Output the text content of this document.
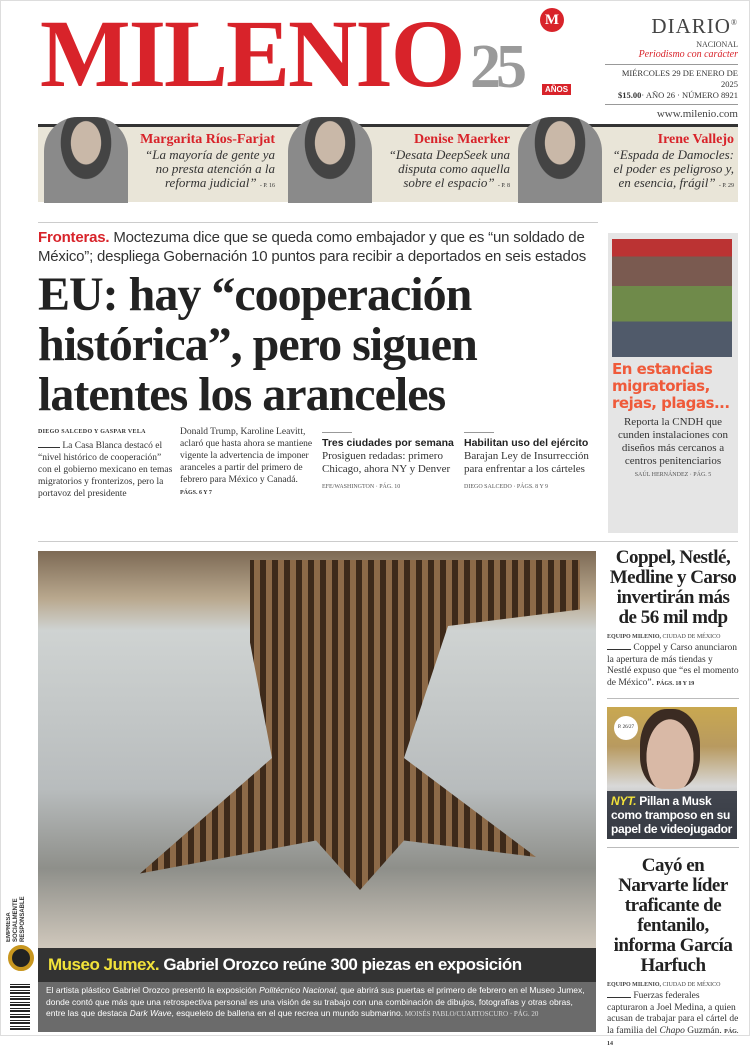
MILENIO 25	AÑOS
M	DIARIO®
NACIONAL
Periodismo con carácter
MIÉRCOLES 29 DE ENERO DE 2025
$15.00· AÑO 26 · NÚMERO 8921
www.milenio.com
Margarita Ríos-Farjat
“La mayoría de gente ya no presta atención a la reforma judicial” - P. 16
Denise Maerker
“Desata DeepSeek una disputa como aquella sobre el espacio” - P. 8
Irene Vallejo
“Espada de Damocles: el poder es peligroso y, en esencia, frágil” - P. 29
Fronteras. Moctezuma dice que se queda como embajador y que es “un soldado de México”; despliega Gobernación 10 puntos para recibir a deportados en seis estados
EU: hay “cooperación histórica”, pero siguen latentes los aranceles
DIEGO SALCEDO Y GASPAR VELA
La Casa Blanca destacó el “nivel histórico de cooperación” con el gobierno mexicano en temas migratorios y fronterizos, pero la portavoz del presidente
Donald Trump, Karoline Leavitt, aclaró que hasta ahora se mantiene vigente la advertencia de imponer aranceles a partir del primero de febrero para México y Canadá. PÁGS. 6 Y 7
Tres ciudades por semana
Prosiguen redadas: primero Chicago, ahora NY y Denver
EFE/WASHINGTON · PÁG. 10
Habilitan uso del ejército
Barajan Ley de Insurrección para enfrentar a los cárteles
DIEGO SALCEDO · PÁGS. 8 Y 9
En estancias migratorias, rejas, plagas...
Reporta la CNDH que cunden instalaciones con diseños más cercanos a centros penitenciarios
SAÚL HERNÁNDEZ · PÁG. 5
Museo Jumex. Gabriel Orozco reúne 300 piezas en exposición
El artista plástico Gabriel Orozco presentó la exposición Politécnico Nacional, que abrirá sus puertas el primero de febrero en el Museo Jumex, donde contó que más que una retrospectiva personal es una visión de su trabajo con una combinación de dibujos, fotografías y otras obras, entre las que destaca Dark Wave, esqueleto de ballena en el que recrea un mundo submarino. MOISÉS PABLO/CUARTOSCURO · PÁG. 20
EMPRESA SOCIALMENTE RESPONSABLE
Coppel, Nestlé, Medline y Carso invertirán más de 56 mil mdp
EQUIPO MILENIO, CIUDAD DE MÉXICO
Coppel y Carso anunciaron la apertura de más tiendas y Nestlé expuso que “es el momento de México”. PÁGS. 18 Y 19
P. 26/27
NYT. Pillan a Musk como tramposo en su papel de videojugador
Cayó en Narvarte líder traficante de fentanilo, informa García Harfuch
EQUIPO MILENIO, CIUDAD DE MÉXICO
Fuerzas federales capturaron a Joel Medina, a quien acusan de trabajar para el cártel de la familia del Chapo Guzmán. PÁG. 14
